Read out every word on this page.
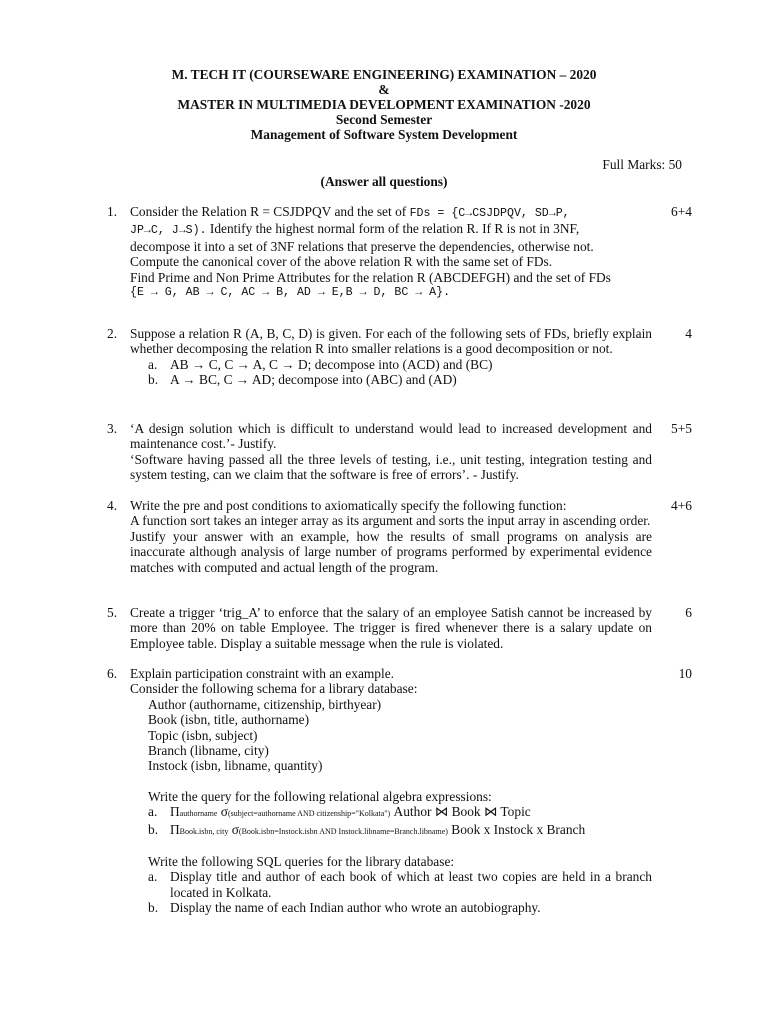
M. TECH IT (COURSEWARE ENGINEERING) EXAMINATION – 2020
&
MASTER IN MULTIMEDIA DEVELOPMENT EXAMINATION -2020
Second Semester
Management of Software System Development
Full Marks: 50
(Answer all questions)
1.	6+4

Consider the Relation R = CSJDPQV and the set of FDs = {C→CSJDPQV, SD→P,
JP→C, J→S). Identify the highest normal form of the relation R. If R is not in 3NF,

decompose it into a set of 3NF relations that preserve the dependencies, otherwise not.

Compute the canonical cover of the above relation R with the same set of FDs.

Find Prime and Non Prime Attributes for the relation R (ABCDEFGH) and the set of FDs

{E → G, AB → C, AC → B, AD → E,B → D, BC → A}.

2.	4

Suppose a relation R (A, B, C, D) is given. For each of the following sets of FDs, briefly explain whether decomposing the relation R into smaller relations is a good decomposition or not.

a. AB → C, C → A, C → D; decompose into (ACD) and (BC)
b. A → BC, C → AD; decompose into (ABC) and (AD)
3.	5+5

‘A design solution which is difficult to understand would lead to increased development and maintenance cost.’- Justify.

‘Software having passed all the three levels of testing, i.e., unit testing, integration testing and system testing, can we claim that the software is free of errors’. - Justify.

4.	4+6

Write the pre and post conditions to axiomatically specify the following function:

A function sort takes an integer array as its argument and sorts the input array in ascending order.

Justify your answer with an example, how the results of small programs on analysis are inaccurate although analysis of large number of programs performed by experimental evidence matches with computed and actual length of the program.

5.	6

Create a trigger ‘trig_A’ to enforce that the salary of an employee Satish cannot be increased by more than 20% on table Employee. The trigger is fired whenever there is a salary update on Employee table. Display a suitable message when the rule is violated.

6.	10

Explain participation constraint with an example.

Consider the following schema for a library database:

Author (authorname, citizenship, birthyear)
Book (isbn, title, authorname)
Topic (isbn, subject)
Branch (libname, city)
Instock (isbn, libname, quantity)
Write the query for the following relational algebra expressions:
a. Πauthorname σ(subject=authorname AND citizenship="Kolkata") Author ⋈ Book ⋈ Topic
b. ΠBook.isbn, city σ(Book.isbn=Instock.isbn AND Instock.libname=Branch.libname) Book x Instock x Branch
Write the following SQL queries for the library database:
a. Display title and author of each book of which at least two copies are held in a branch located in Kolkata.
b. Display the name of each Indian author who wrote an autobiography.
